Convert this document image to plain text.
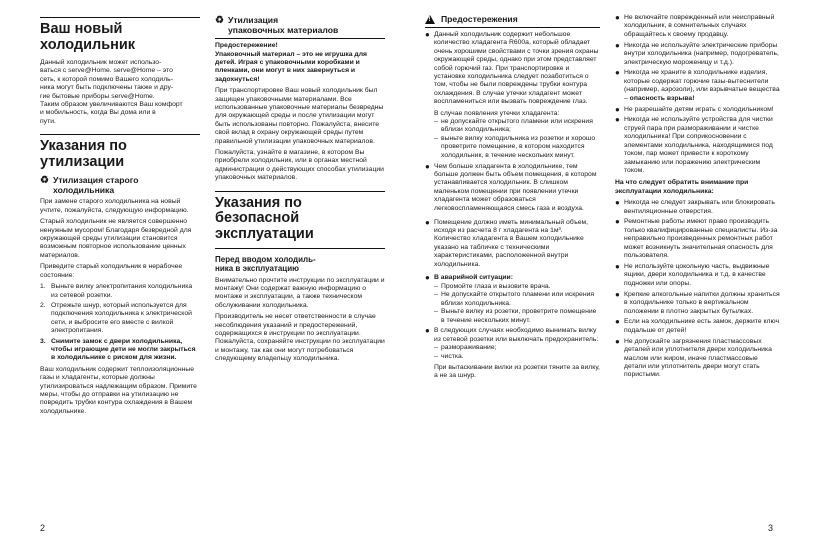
Ваш новый
холодильник

Данный холодильник может использо-
ваться с serve@Home. serve@Home – это
сеть, к которой помимо Вашего холодиль-
ника могут быть подключены также и дру-
гие бытовые приборы serve@Home.
Таким образом увеличиваются Ваш комфорт
и мобильность, когда Вы дома или в
пути.

Указания по
утилизации
♻ Утилизация старого
холодильника

При замене старого холодильника на новый учтите, пожалуйста, следующую информацию.

Старый холодильник не является совершенно ненужным мусором! Благодаря безвредной для окружающей среды утилизации становится возможным повторное использование ценных материалов.

Приведите старый холодильник в нерабочее состояние:

1. Выньте вилку электропитания холодильника из сетевой розетки.
2. Отрежьте шнур, который используется для подключения холодильника к электрической сети, и выбросите его вместе с вилкой электропитания.
3. Снимите замок с двери холодильника, чтобы играющие дети не могли закрыться в холодильнике с риском для жизни.

Ваш холодильник содержит теплоизоляционные газы и хладагенты, которые должны утилизироваться надлежащим образом. Примите меры, чтобы до отправки на утилизацию не повредить трубки контура охлаждения в Вашем холодильнике.

♻ Утилизация
упаковочных материалов

Предостережение!

Упаковочный материал – это не игрушка для детей. Играя с упаковочными коробками и пленками, они могут в них завернуться и задохнуться!

При транспортировке Ваш новый холодильник был защищен упаковочными материалами. Все использованные упаковочные материалы безвредны для окружающей среды и после утилизации могут быть использованы повторно. Пожалуйста, внесите свой вклад в охрану окружающей среды путем правильной утилизации упаковочных материалов.

Пожалуйста, узнайте в магазине, в котором Вы приобрели холодильник, или в органах местной администрации о действующих способах утилизации упаковочных материалов.

Указания по
безопасной
эксплуатации
Перед вводом холодиль-
ника в эксплуатацию

Внимательно прочтите инструкции по эксплуатации и монтажу! Они содержат важную информацию о монтаже и эксплуатации, а также техническом обслуживании холодильника.

Производитель не несет ответственности в случае несоблюдения указаний и предостережений, содержащихся в инструкции по эксплуатации. Пожалуйста, сохраняйте инструкции по эксплуатации и монтажу, так как они могут потребоваться следующему владельцу холодильника.

!
Предостережения
● Данный холодильник содержит небольшое количество хладагента R600a, который обладает очень хорошими свойствами с точки зрения охраны окружающей среды, однако при этом представляет собой горючий газ. При транспортировке и установке холодильника следует позаботиться о том, чтобы не были повреждены трубки контура охлаждения. В случае утечки хладагент может воспламениться или вызвать повреждение глаз.

В случае появления утечки хладагента:

– не допускайте открытого пламени или искрения вблизи холодильника;
– выньте вилку холодильника из розетки и хорошо проветрите помещение, в котором находится холодильник, в течение нескольких минут.
● Чем больше хладагента в холодильнике, тем больше должен быть объем помещения, в котором устанавливается холодильник. В слишком маленьком помещении при появлении утечки хладагента может образоваться легковоспламеняющаяся смесь газа и воздуха.

● Помещение должно иметь минимальный объем, исходя из расчета 8 г хладагента на 1м³. Количество хладагента в Вашем холодильнике указано на табличке с техническими характеристиками, расположенной внутри холодильника.

● В аварийной ситуации:

– Промойте глаза и вызовите врача.
– Не допускайте открытого пламени или искрения вблизи холодильника.
– Выньте вилку из розетки, проветрите помещение в течение нескольких минут.
● В следующих случаях необходимо вынимать вилку из сетевой розетки или выключать предохранитель:

– размораживание;
– чистка.

При вытаскивании вилки из розетки тяните за вилку, а не за шнур.

● Не включайте поврежденный или неисправный холодильник, в сомнительных случаях обращайтесь к своему продавцу.
● Никогда не используйте электрические приборы внутри холодильника (например, подогреватель, электрическую мороженицу и т.д.).
● Никогда не храните в холодильнике изделия, которые содержат горючие газы-вытеснители (например, аэрозоли), или взрывчатые вещества – опасность взрыва!
● Не разрешайте детям играть с холодильником!
● Никогда не используйте устройства для чистки струей пара при размораживании и чистке холодильника! При соприкосновении с элементами холодильника, находящимися под током, пар может привести к короткому замыканию или поражению электрическим током.

На что следует обратить внимание при эксплуатации холодильника:

● Никогда не следует закрывать или блокировать вентиляционные отверстия.
● Ремонтные работы имеют право производить только квалифицированные специалисты. Из-за неправильно произведенных ремонтных работ может возникнуть значительная опасность для пользователя.
● Не используйте цокольную часть, выдвижные ящики, двери холодильника и т.д. в качестве подножки или опоры.
● Крепкие алкогольные напитки должны храниться в холодильнике только в вертикальном положении в плотно закрытых бутылках.
● Если на холодильнике есть замок, держите ключ подальше от детей!
● Не допускайте загрязнения пластмассовых деталей или уплотнителя двери холодильника маслом или жиром, иначе пластмассовые детали или уплотнитель двери могут стать пористыми.
2	3
